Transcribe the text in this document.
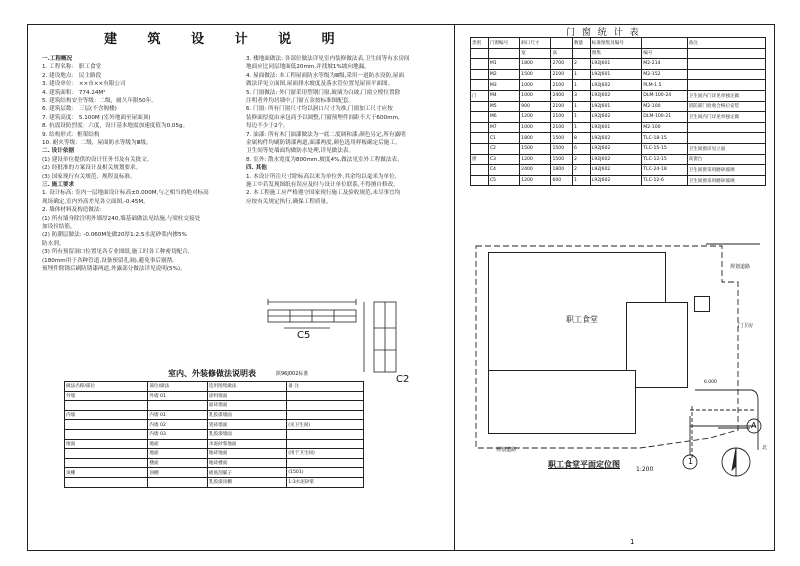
建 筑 设 计 说 明
一.工程概况
1. 工程名称： 职工食堂
2. 建设地点： 民主路段
3. 建设单位： ××市××有限公司
4. 建筑面积： 774.24M²
5. 建筑结构安全等级：二级，耐久年限50年。
6. 建筑层数： 三层(不含阁楼)
7. 建筑高度： 5.100M (室外地面至屋面顶)
8. 抗震设防烈度：六度，设计基本地震加速度值为0.05g。
9. 结构形式：框架结构
10. 耐火等级：二级，屋面防水等级为Ⅲ级。
二. 设计依据
(1) 建设单位提供的设计任务书及有关批文。
(2) 经批准的方案设计及相关规划要求。
(3) 国家现行有关规范、规程及标准。
三. 施工要求
1. 设计标高: 室内一层地面设计标高±0.000M,与之相当的绝对标高
现场确定,室内外高差见各立面图,-0.45M。
2. 墙体材料及构造做法:
(1) 所有墙身除注明外墙厚240,墙基础做法见结施,与梁柱交接处
加设拉结筋。
(2) 防潮层做法: -0.060M处做20厚1:2.5水泥砂浆内掺5%
防水剂。
(3) 所有预留洞口位置见各专业图纸,施工时各工种密切配合,
(180mm用于各种管道,设备预留孔洞),避免事后剔凿,
预埋件除锈后刷防锈漆两道,外露部分做法详见说明(5%)。
3. 楼地面做法: 各部位做法详见室内装修做法表,卫生间等有水房间
地面应比同层地面低20mm,并找坡1%坡向地漏。
4. 屋面做法: 本工程屋面防水等级为Ⅲ级,采用一道防水设防,屋面
做法详见立面图,屋面排水坡度及落水管位置见屋顶平面图。
5. 门窗做法: 外门窗采用塑钢门窗,玻璃为白玻,门窗立樘位置除
注明者外均居墙中,门窗五金按标准图配套。
6. 门窗: 所有门窗尺寸均以洞口尺寸为准,门窗加工尺寸应按
装修面厚度由承包商予以调整,门窗预埋件间距不大于600mm,
每边不少于2个。
7. 油漆: 所有木门油漆做法为一底二度调和漆,颜色另定,所有露明
金属构件均刷防锈漆两道,面漆两度,颜色选用样板确定后施工。
卫生间等处墙面均做防水处理,详见做法表。
8. 室外: 散水宽度为800mm,坡度4%,做法见室外工程做法表。
四. 其他
1. 本设计所注尺寸除标高以米为单位外,其余均以毫米为单位,
施工中若发现图纸有误应及时与设计单位联系,不得擅自修改。
2. 本工程施工应严格遵守国家现行施工及验收规范,未尽事宜均
应按有关规定执行,确保工程质量。
C5
C2
室内、外装修做法说明表	陕96J002标准
做法名称/部位	部位/做法	选用图集做法	备 注
外墙	外墙 01	涂料墙面	
		面砖墙面	
内墙	内墙 01	乳胶漆墙面	
	内墙 02	瓷砖墙面	(见卫生间)
	内墙 03	乳胶漆墙面	
地面	地面	水泥砂浆地面	
	地面	地砖地面	(用于卫生间)
	楼面	地砖楼面	
顶棚	顶棚	板底刮腻子	(1501)
		乳胶漆顶棚	1:3水泥砂浆
门 窗 统 计 表
类别	门窗编号	洞口尺寸		数量	标准图集及编号		备注
		宽	高		图集	编号	
	M1	1800	2700	2	L92J601	M2-214	
	M2	1500	2100	1	L92J601	M2-152	
	M3	1000	2100	1	L92J602	PLM-1.5	
门	M4	1000	2400	3	L92J602	DLM-100-24	卫生间内门详见单独定做
	M5	900	2100	1	L92J601	M2-100	消防部门验收合格后安装
	M6	1200	2100	1	L92J602	DLM-100-21	卫生间内门详见单独定做
	M7	1000	2100	1	L92J601	M2-100	
	C1	1800	1500	8	L92J602	TLC-18-15	
	C2	1500	1500	6	L92J602	TLC-15-15	卫生间窗详见立面
窗	C3	1200	1500	2	L92J602	TLC-12-15	高窗台
	C4	2400	1800	2	L92J602	TLC-24-18	卫生间窗采用磨砂玻璃
	C5	1200	600	1	L92J602	TLC-12-6	卫生间窗采用磨砂玻璃
职工食堂
规划道路
门卫房
规划道路
6.000
A
1
北
职工食堂平面定位图
1:200
1
